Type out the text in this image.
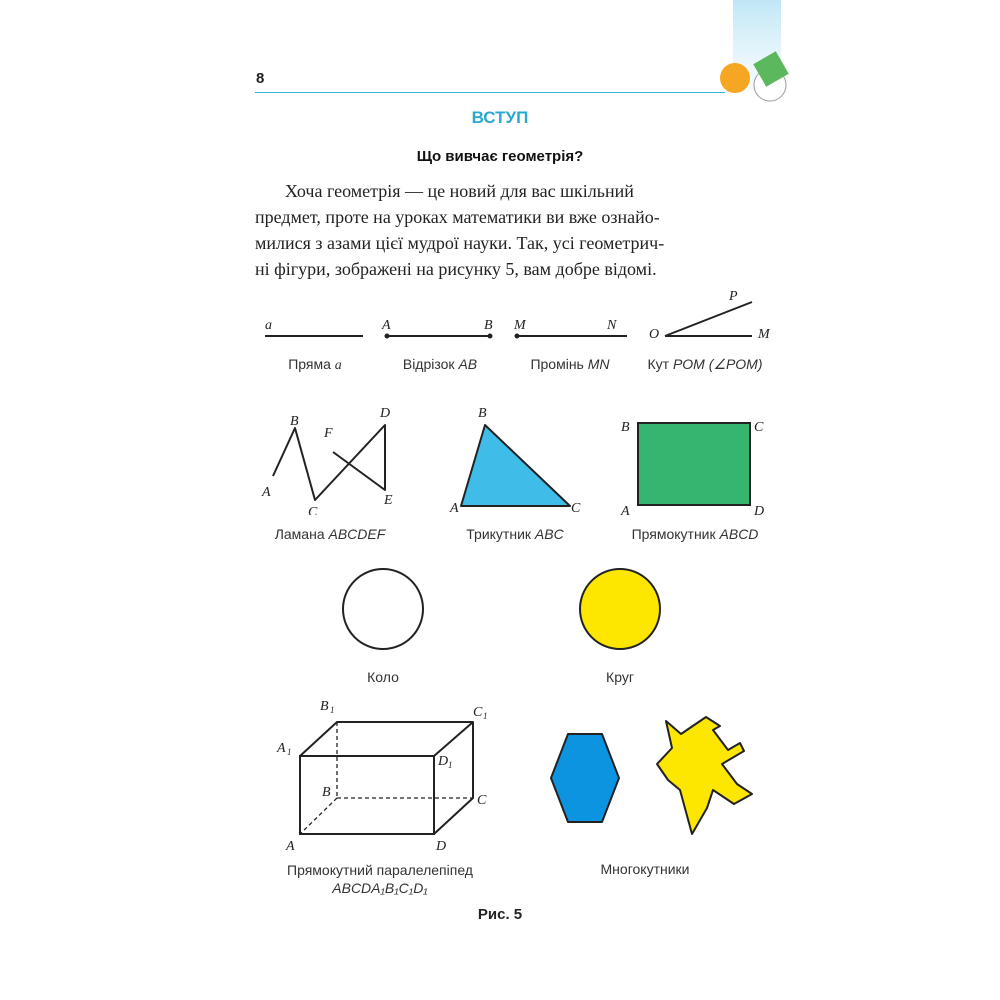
8
ВСТУП
Що вивчає геометрія?
Хоча геометрія — це новий для вас шкільний
предмет, проте на уроках математики ви вже ознайо-
милися з азами цієї мудрої науки. Так, усі геометрич-
ні фігури, зображені на рисунку 5, вам добре відомі.
a
Пряма a
A	B
Відрізок AB
M	N
Промінь MN
O
P
M
Кут POM (∠POM)
A
B
C
D
E
F
Ламана ABCDEF
A
B
C
Трикутник ABC
A
B	C
D
Прямокутник ABCD
Коло	Круг
A
B
C
D
A 1
B 1	C 1
D 1
Прямокутний паралелепіпед
ABCDA₁B₁C₁D₁
Многокутники
Рис. 5
